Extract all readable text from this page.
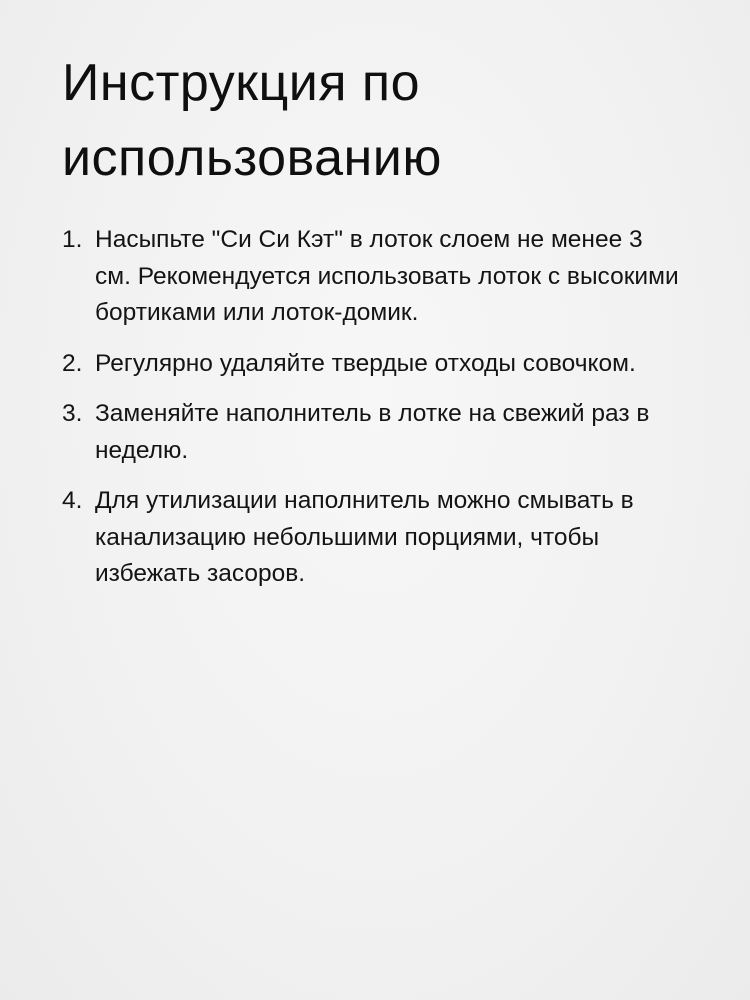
Инструкция по
использованию
1. Насыпьте "Си Си Кэт" в лоток слоем не менее 3 см. Рекомендуется использовать лоток с высокими бортиками или лоток-домик.
2. Регулярно удаляйте твердые отходы совочком.
3. Заменяйте наполнитель в лотке на свежий раз в неделю.
4. Для утилизации наполнитель можно смывать в канализацию небольшими порциями, чтобы избежать засоров.
